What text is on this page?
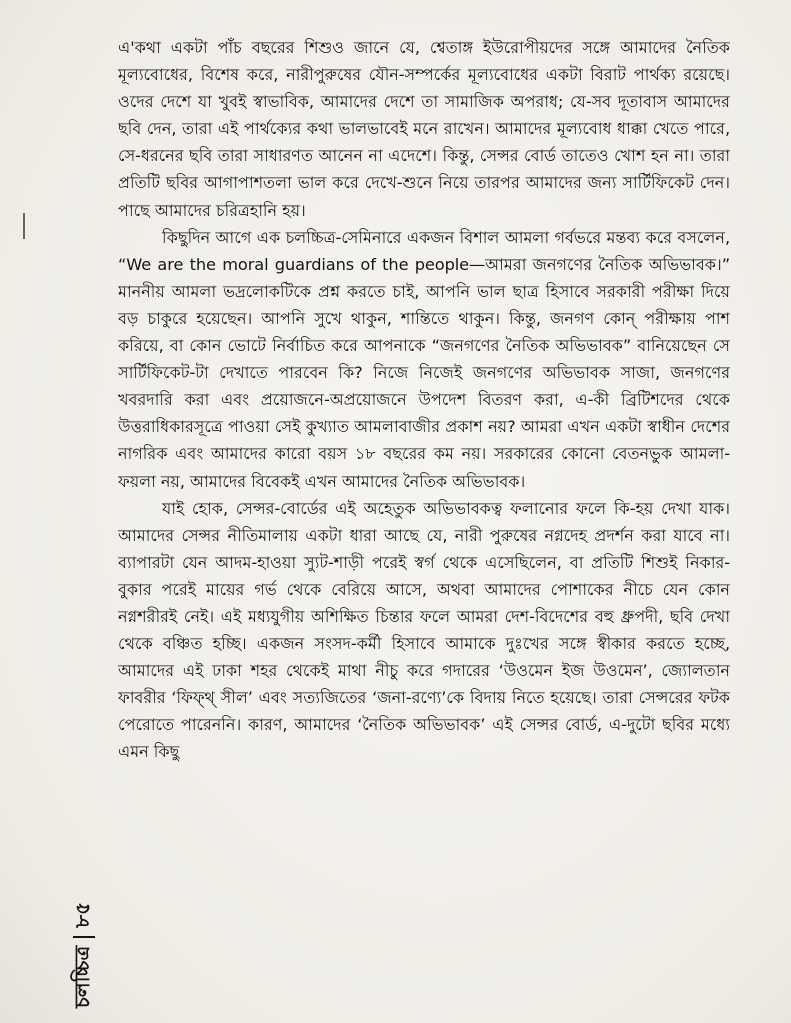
এ'কথা একটা পাঁচ বছরের শিশুও জানে যে, শ্বেতাঙ্গ ইউরোপীয়দের সঙ্গে আমাদের নৈতিক মূল্যবোধের, বিশেষ করে, নারীপুরুষের যৌন-সম্পর্কের মূল্যবোধের একটা বিরাট পার্থক্য রয়েছে। ওদের দেশে যা খুবই স্বাভাবিক, আমাদের দেশে তা সামাজিক অপরাধ; যে-সব দূতাবাস আমাদের ছবি দেন, তারা এই পার্থক্যের কথা ভালভাবেই মনে রাখেন। আমাদের মূল্যবোধ ধাক্কা খেতে পারে, সে-ধরনের ছবি তারা সাধারণত আনেন না এদেশে। কিন্তু, সেন্সর বোর্ড তাতেও খোশ হন না। তারা প্রতিটি ছবির আগাপাশতলা ভাল করে দেখে-শুনে নিয়ে তারপর আমাদের জন্য সার্টিফিকেট দেন। পাছে আমাদের চরিত্রহানি হয়।

কিছুদিন আগে এক চলচ্চিত্র-সেমিনারে একজন বিশাল আমলা গর্বভরে মন্তব্য করে বসলেন, “We are the moral guardians of the people—আমরা জনগণের নৈতিক অভিভাবক।” মাননীয় আমলা ভদ্রলোকটিকে প্রশ্ন করতে চাই, আপনি ভাল ছাত্র হিসাবে সরকারী পরীক্ষা দিয়ে বড় চাকুরে হয়েছেন। আপনি সুখে থাকুন, শান্তিতে থাকুন। কিন্তু, জনগণ কোন্ পরীক্ষায় পাশ করিয়ে, বা কোন ভোটে নির্বাচিত করে আপনাকে “জনগণের নৈতিক অভিভাবক” বানিয়েছেন সে সার্টিফিকেট-টা দেখাতে পারবেন কি? নিজে নিজেই জনগণের অভিভাবক সাজা, জনগণের খবরদারি করা এবং প্রয়োজনে-অপ্রয়োজনে উপদেশ বিতরণ করা, এ-কী ব্রিটিশদের থেকে উত্তরাধিকারসূত্রে পাওয়া সেই কুখ্যাত আমলাবাজীর প্রকাশ নয়? আমরা এখন একটা স্বাধীন দেশের নাগরিক এবং আমাদের কারো বয়স ১৮ বছরের কম নয়। সরকারের কোনো বেতনভুক আমলা-ফয়লা নয়, আমাদের বিবেকই এখন আমাদের নৈতিক অভিভাবক।

যাই হোক, সেন্সর-বোর্ডের এই অহেতুক অভিভাবকত্ব ফলানোর ফলে কি-হয় দেখা যাক। আমাদের সেন্সর নীতিমালায় একটা ধারা আছে যে, নারী পুরুষের নগ্নদেহ প্রদর্শন করা যাবে না। ব্যাপারটা যেন আদম-হাওয়া স্যুট-শাড়ী পরেই স্বর্গ থেকে এসেছিলেন, বা প্রতিটি শিশুই নিকার-বুকার পরেই মায়ের গর্ভ থেকে বেরিয়ে আসে, অথবা আমাদের পোশাকের নীচে যেন কোন নগ্নশরীরই নেই। এই মধ্যযুগীয় অশিক্ষিত চিন্তার ফলে আমরা দেশ-বিদেশের বহু ধ্রুপদী, ছবি দেখা থেকে বঞ্চিত হচ্ছি। একজন সংসদ-কর্মী হিসাবে আমাকে দুঃখের সঙ্গে স্বীকার করতে হচ্ছে, আমাদের এই ঢাকা শহর থেকেই মাথা নীচু করে গদারের ‘উওমেন ইজ উওমেন’, জ্যোলতান ফাবরীর ‘ফিফ্থ্ সীল’ এবং সত্যজিতের ‘জনা-রণ্যে’কে বিদায় নিতে হয়েছে। তারা সেন্সরের ফটক পেরোতে পারেননি। কারণ, আমাদের ‘নৈতিক অভিভাবক’ এই সেন্সর বোর্ড, এ-দুটো ছবির মধ্যে এমন কিছু

চলচ্চিত্র
৮৫
